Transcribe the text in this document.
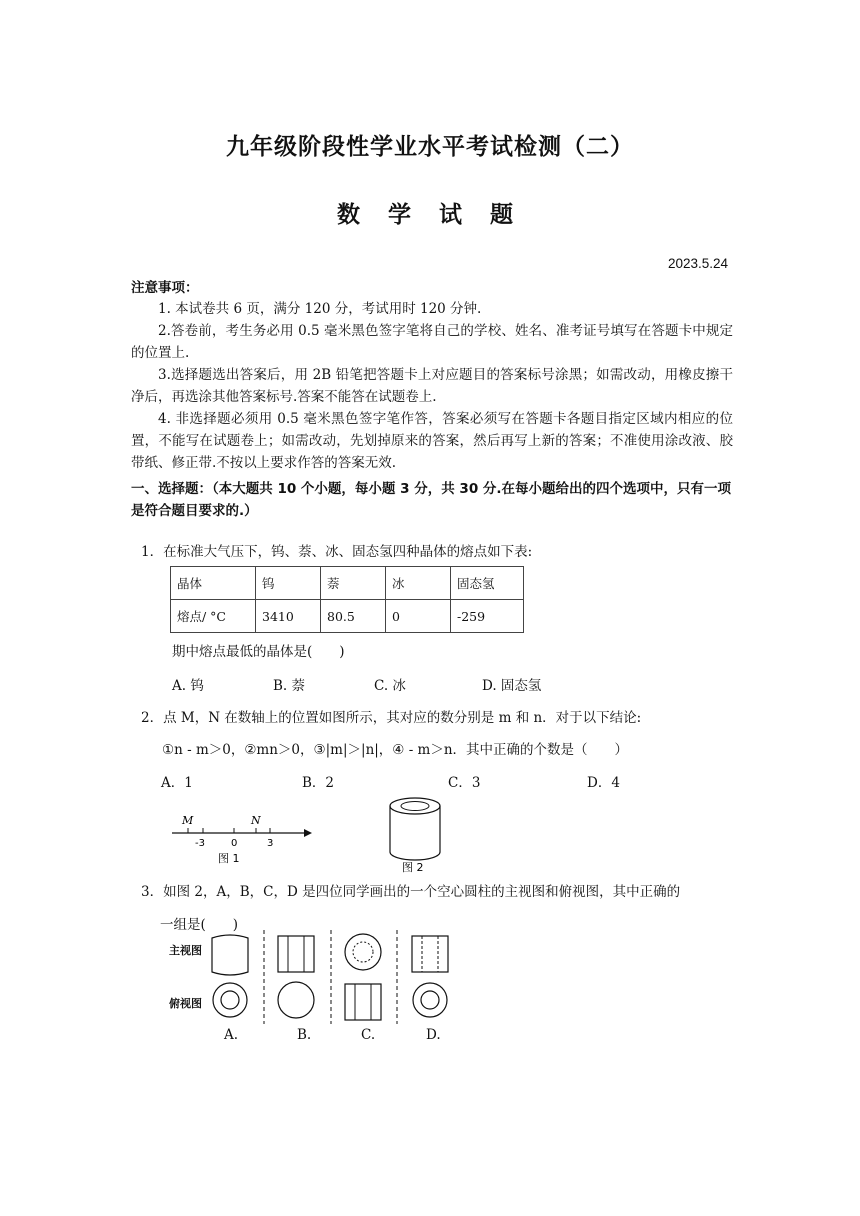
九年级阶段性学业水平考试检测（二）
数 学 试 题
2023.5.24
注意事项：
1. 本试卷共 6 页，满分 120 分，考试用时 120 分钟.
2.答卷前，考生务必用 0.5 毫米黑色签字笔将自己的学校、姓名、准考证号填写在答题卡中规定的位置上.
3.选择题选出答案后，用 2B 铅笔把答题卡上对应题目的答案标号涂黑；如需改动，用橡皮擦干净后，再选涂其他答案标号.答案不能答在试题卷上.
4. 非选择题必须用 0.5 毫米黑色签字笔作答，答案必须写在答题卡各题目指定区域内相应的位置，不能写在试题卷上；如需改动，先划掉原来的答案，然后再写上新的答案；不准使用涂改液、胶带纸、修正带.不按以上要求作答的答案无效.
一、选择题：（本大题共 10 个小题，每小题 3 分，共 30 分.在每小题给出的四个选项中，只有一项是符合题目要求的.）
1．在标准大气压下，钨、萘、冰、固态氢四种晶体的熔点如下表:
晶体	钨	萘	冰	固态氢
熔点/ °C	3410	80.5	0	-259
期中熔点最低的晶体是(　　)
A. 钨	B. 萘	C. 冰	D. 固态氢
2．点 M，N 在数轴上的位置如图所示，其对应的数分别是 m 和 n．对于以下结论:
①n - m＞0，②mn＞0，③|m|＞|n|，④ - m＞n．其中正确的个数是（　　）
A．1	B．2	C．3	D．4
M	N
-3	0	3
图 1
图 2
3．如图 2，A，B，C，D 是四位同学画出的一个空心圆柱的主视图和俯视图，其中正确的
一组是(　　)
主视图
俯视图
A.	B.	C.	D.
